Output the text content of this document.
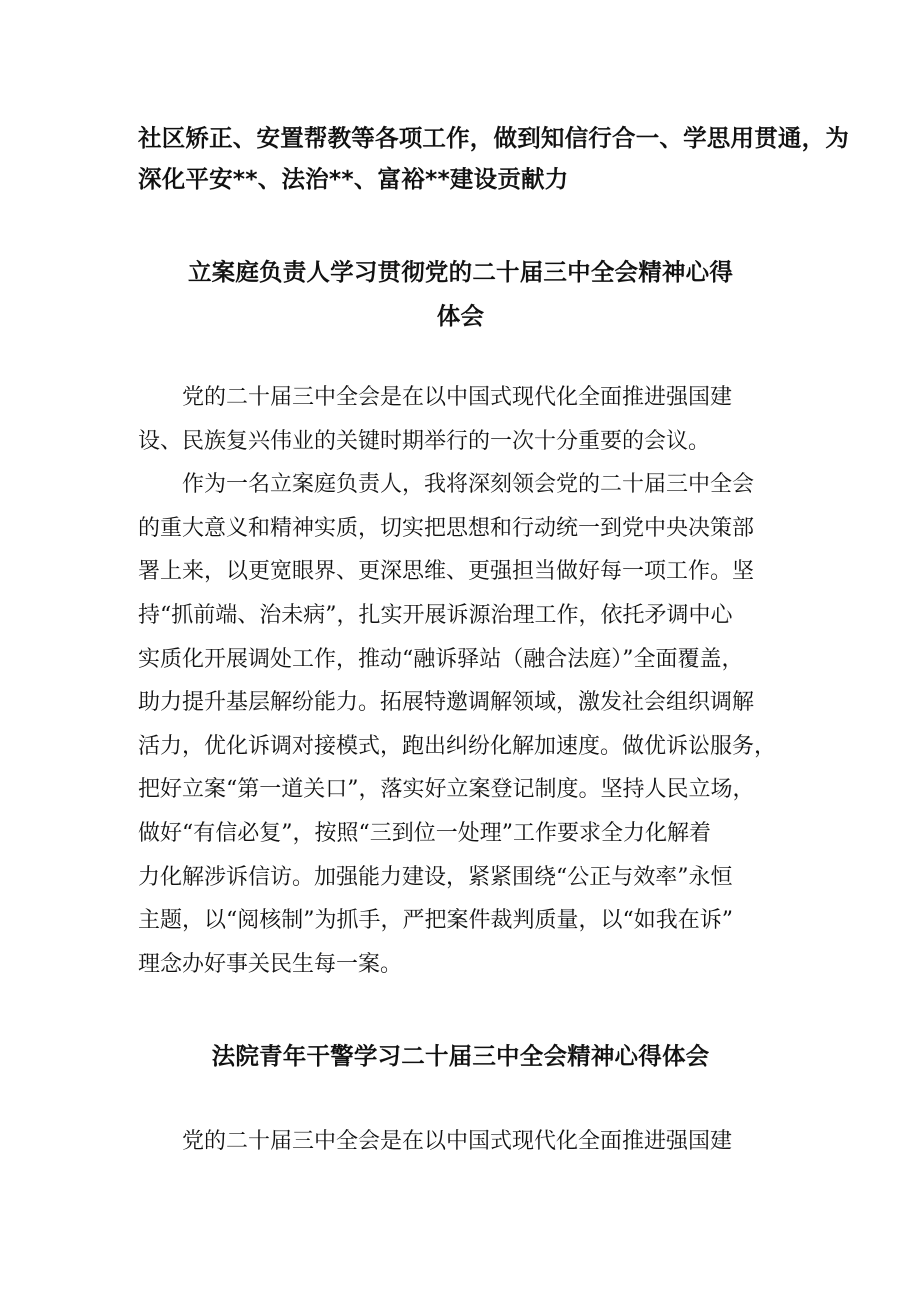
社区矫正、安置帮教等各项工作，做到知信行合一、学思用贯通，为

深化平安**、法治**、富裕**建设贡献力

立案庭负责人学习贯彻党的二十届三中全会精神心得
体会

　　党的二十届三中全会是在以中国式现代化全面推进强国建

设、民族复兴伟业的关键时期举行的一次十分重要的会议。

　　作为一名立案庭负责人，我将深刻领会党的二十届三中全会

的重大意义和精神实质，切实把思想和行动统一到党中央决策部

署上来，以更宽眼界、更深思维、更强担当做好每一项工作。坚

持“抓前端、治未病”，扎实开展诉源治理工作，依托矛调中心

实质化开展调处工作，推动“融诉驿站（融合法庭）”全面覆盖，

助力提升基层解纷能力。拓展特邀调解领域，激发社会组织调解

活力，优化诉调对接模式，跑出纠纷化解加速度。做优诉讼服务，

把好立案“第一道关口”，落实好立案登记制度。坚持人民立场，

做好“有信必复”，按照“三到位一处理”工作要求全力化解着

力化解涉诉信访。加强能力建设，紧紧围绕“公正与效率”永恒

主题，以“阅核制”为抓手，严把案件裁判质量，以“如我在诉”

理念办好事关民生每一案。

法院青年干警学习二十届三中全会精神心得体会

　　党的二十届三中全会是在以中国式现代化全面推进强国建
